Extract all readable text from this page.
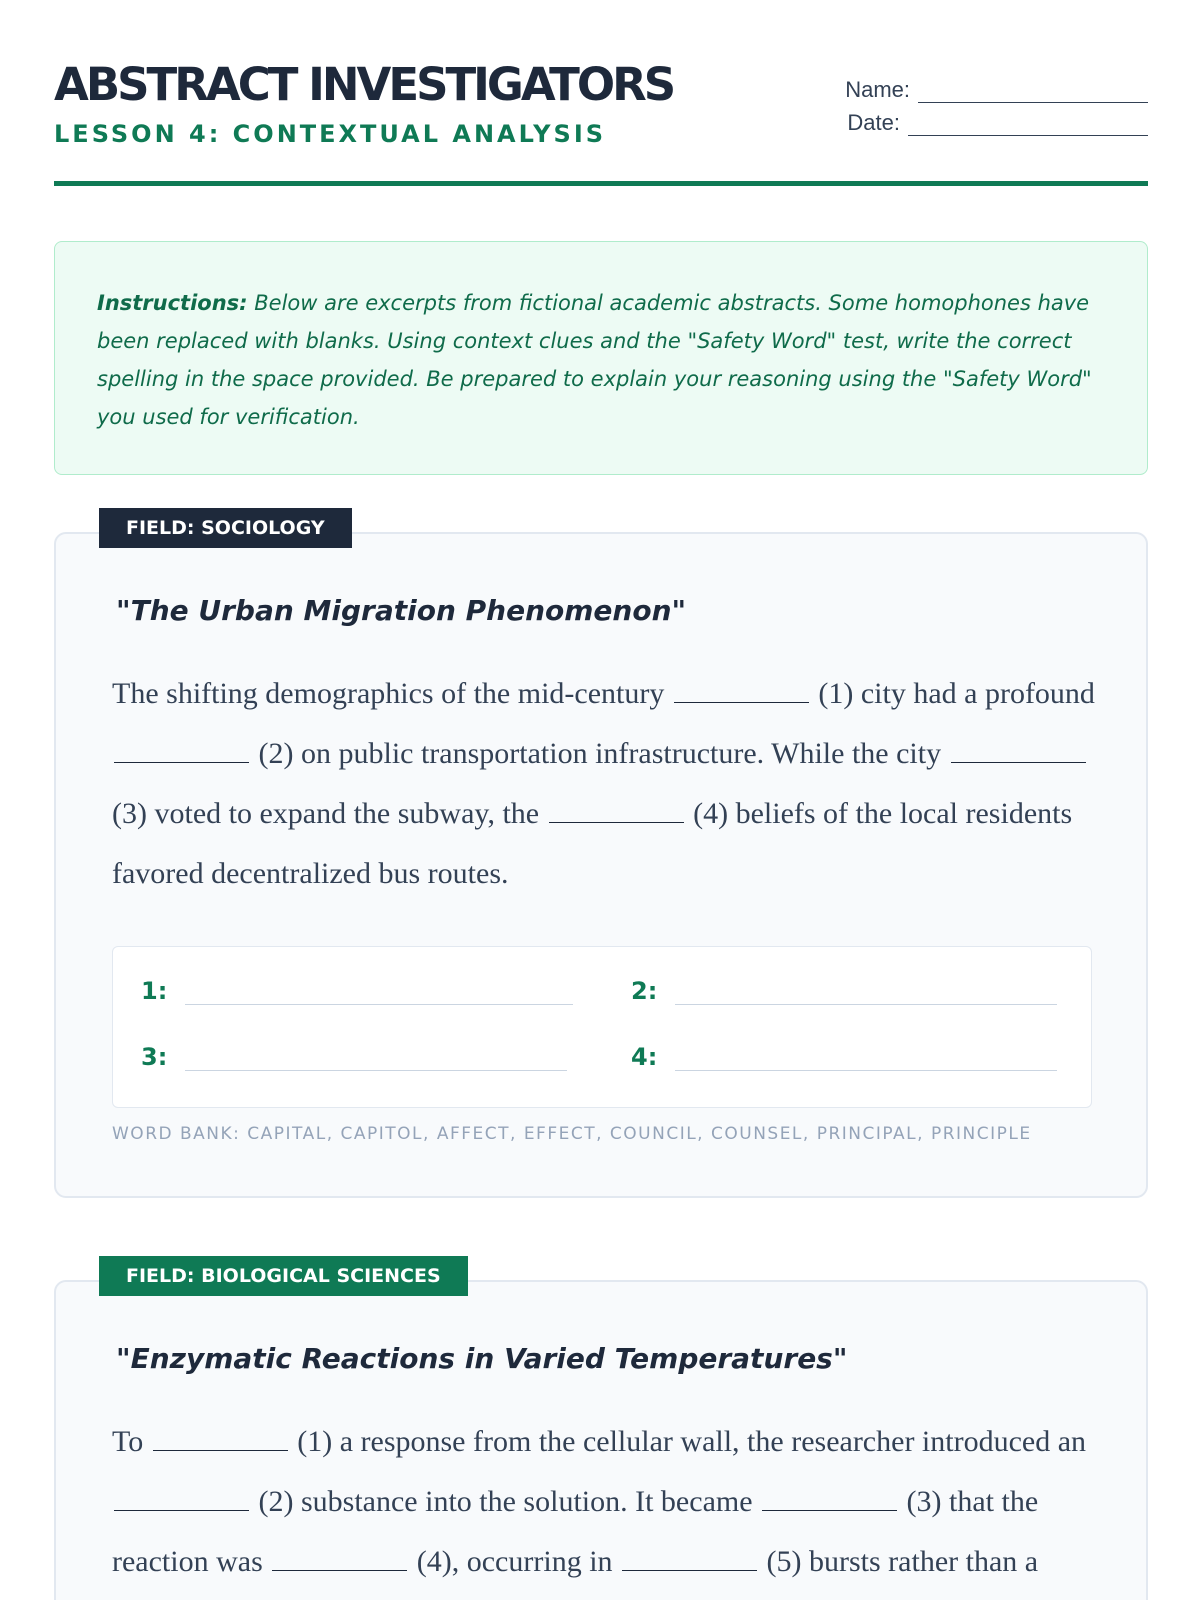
ABSTRACT INVESTIGATORS
LESSON 4: CONTEXTUAL ANALYSIS
Name:
Date:
Instructions: Below are excerpts from fictional academic abstracts. Some homophones have been replaced with blanks. Using context clues and the "Safety Word" test, write the correct spelling in the space provided. Be prepared to explain your reasoning using the "Safety Word" you used for verification.
FIELD: SOCIOLOGY
"The Urban Migration Phenomenon"
The shifting demographics of the mid-century	(1) city had a profound  (2) on public transportation infrastructure. While the city  (3) voted to expand the subway, the	(4) beliefs of the local residents favored decentralized bus routes.
1:	2:
3:	4:
WORD BANK: CAPITAL, CAPITOL, AFFECT, EFFECT, COUNCIL, COUNSEL, PRINCIPAL, PRINCIPLE
FIELD: BIOLOGICAL SCIENCES
"Enzymatic Reactions in Varied Temperatures"
To	(1) a response from the cellular wall, the researcher introduced an  (2) substance into the solution. It became	(3) that the reaction was	(4), occurring in	(5) bursts rather than a
